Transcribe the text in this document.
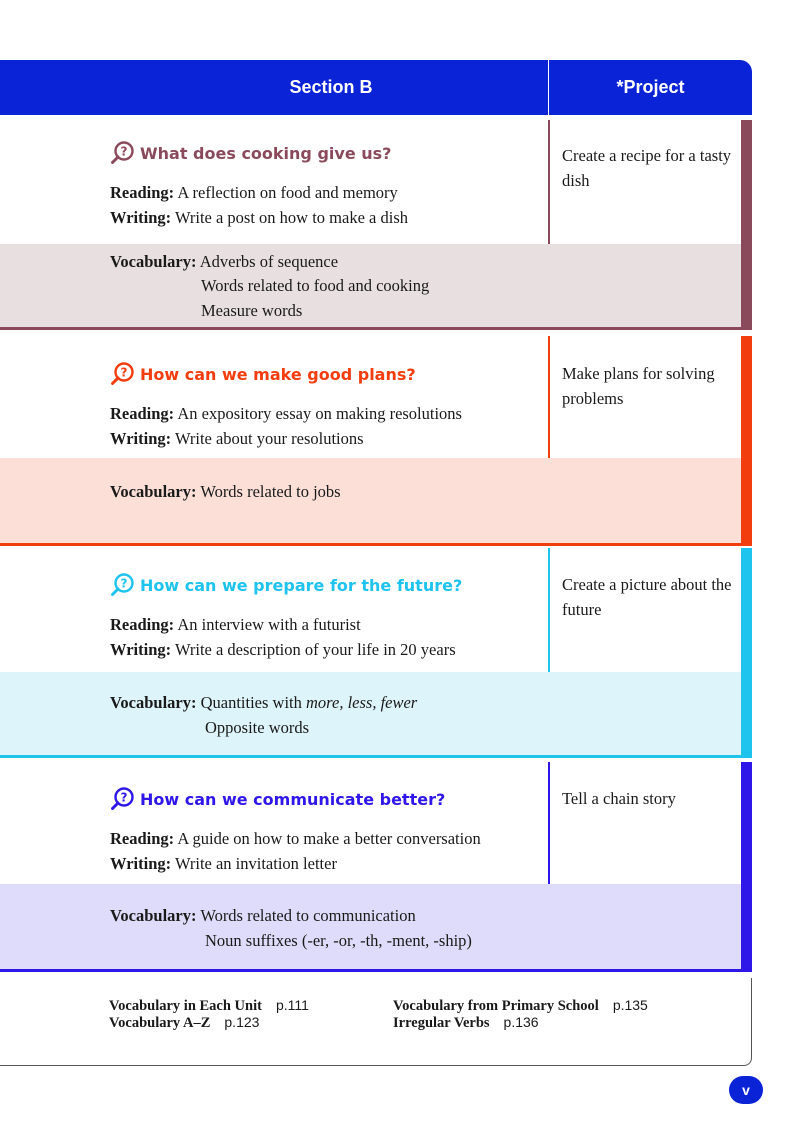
Section B	*Project
? What does cooking give us?
Reading: A reflection on food and memory
Writing: Write a post on how to make a dish
Vocabulary: Adverbs of sequence
Words related to food and cooking
Measure words
Create a recipe for a tasty dish
? How can we make good plans?
Reading: An expository essay on making resolutions
Writing: Write about your resolutions
Vocabulary: Words related to jobs
Make plans for solving problems
? How can we prepare for the future?
Reading: An interview with a futurist
Writing: Write a description of your life in 20 years
Vocabulary: Quantities with more, less, fewer
Opposite words
Create a picture about the future
? How can we communicate better?
Reading: A guide on how to make a better conversation
Writing: Write an invitation letter
Vocabulary: Words related to communication
Noun suffixes (-er, -or, -th, -ment, -ship)
Tell a chain story
Vocabulary in Each Unit p.111
Vocabulary A–Z p.123
Vocabulary from Primary School p.135
Irregular Verbs p.136
v
